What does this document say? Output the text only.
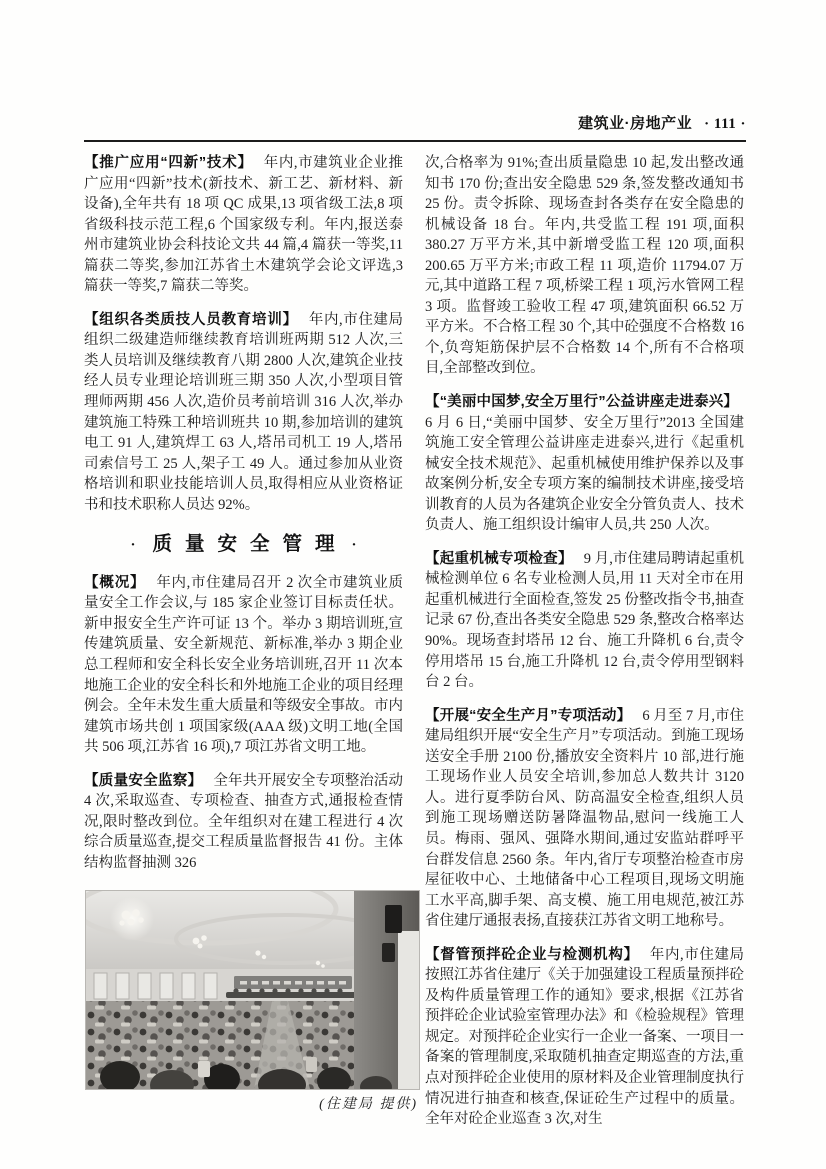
建筑业·房地产业 · 111 ·

【推广应用“四新”技术】 年内,市建筑业企业推广应用“四新”技术(新技术、新工艺、新材料、新设备),全年共有 18 项 QC 成果,13 项省级工法,8 项省级科技示范工程,6 个国家级专利。年内,报送泰州市建筑业协会科技论文共 44 篇,4 篇获一等奖,11 篇获二等奖,参加江苏省土木建筑学会论文评选,3 篇获一等奖,7 篇获二等奖。

【组织各类质技人员教育培训】 年内,市住建局组织二级建造师继续教育培训班两期 512 人次,三类人员培训及继续教育八期 2800 人次,建筑企业技经人员专业理论培训班三期 350 人次,小型项目管理师两期 456 人次,造价员考前培训 316 人次,举办建筑施工特殊工种培训班共 10 期,参加培训的建筑电工 91 人,建筑焊工 63 人,塔吊司机工 19 人,塔吊司索信号工 25 人,架子工 49 人。通过参加从业资格培训和职业技能培训人员,取得相应从业资格证书和技术职称人员达 92%。

· 质量安全管理 ·

【概况】 年内,市住建局召开 2 次全市建筑业质量安全工作会议,与 185 家企业签订目标责任状。新申报安全生产许可证 13 个。举办 3 期培训班,宣传建筑质量、安全新规范、新标准,举办 3 期企业总工程师和安全科长安全业务培训班,召开 11 次本地施工企业的安全科长和外地施工企业的项目经理例会。全年未发生重大质量和等级安全事故。市内建筑市场共创 1 项国家级(AAA 级)文明工地(全国共 506 项,江苏省 16 项),7 项江苏省文明工地。

【质量安全监察】 全年共开展安全专项整治活动 4 次,采取巡查、专项检查、抽查方式,通报检查情况,限时整改到位。全年组织对在建工程进行 4 次综合质量巡查,提交工程质量监督报告 41 份。主体结构监督抽测 326

(住建局 提供)

次,合格率为 91%;查出质量隐患 10 起,发出整改通知书 170 份;查出安全隐患 529 条,签发整改通知书 25 份。责令拆除、现场查封各类存在安全隐患的机械设备 18 台。年内,共受监工程 191 项,面积 380.27 万平方米,其中新增受监工程 120 项,面积 200.65 万平方米;市政工程 11 项,造价 11794.07 万元,其中道路工程 7 项,桥梁工程 1 项,污水管网工程 3 项。监督竣工验收工程 47 项,建筑面积 66.52 万平方米。不合格工程 30 个,其中砼强度不合格数 16 个,负弯矩筋保护层不合格数 14 个,所有不合格项目,全部整改到位。

【“美丽中国梦,安全万里行”公益讲座走进泰兴】6 月 6 日,“美丽中国梦、安全万里行”2013 全国建筑施工安全管理公益讲座走进泰兴,进行《起重机械安全技术规范》、起重机械使用维护保养以及事故案例分析,安全专项方案的编制技术讲座,接受培训教育的人员为各建筑企业安全分管负责人、技术负责人、施工组织设计编审人员,共 250 人次。

【起重机械专项检查】 9 月,市住建局聘请起重机械检测单位 6 名专业检测人员,用 11 天对全市在用起重机械进行全面检查,签发 25 份整改指令书,抽查记录 67 份,查出各类安全隐患 529 条,整改合格率达 90%。现场查封塔吊 12 台、施工升降机 6 台,责令停用塔吊 15 台,施工升降机 12 台,责令停用型钢料台 2 台。

【开展“安全生产月”专项活动】 6 月至 7 月,市住建局组织开展“安全生产月”专项活动。到施工现场送安全手册 2100 份,播放安全资料片 10 部,进行施工现场作业人员安全培训,参加总人数共计 3120 人。进行夏季防台风、防高温安全检查,组织人员到施工现场赠送防暑降温物品,慰问一线施工人员。梅雨、强风、强降水期间,通过安监站群呼平台群发信息 2560 条。年内,省厅专项整治检查市房屋征收中心、土地储备中心工程项目,现场文明施工水平高,脚手架、高支模、施工用电规范,被江苏省住建厅通报表扬,直接获江苏省文明工地称号。

【督管预拌砼企业与检测机构】 年内,市住建局按照江苏省住建厅《关于加强建设工程质量预拌砼及构件质量管理工作的通知》要求,根据《江苏省预拌砼企业试验室管理办法》和《检验规程》管理规定。对预拌砼企业实行一企业一备案、一项目一备案的管理制度,采取随机抽查定期巡查的方法,重点对预拌砼企业使用的原材料及企业管理制度执行情况进行抽查和核查,保证砼生产过程中的质量。全年对砼企业巡查 3 次,对生
